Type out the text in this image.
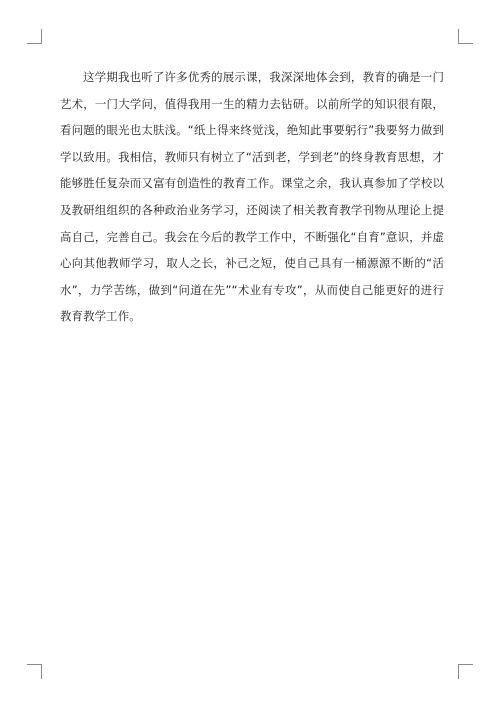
这学期我也听了许多优秀的展示课，我深深地体会到，教育的确是一门艺术，一门大学问，值得我用一生的精力去钻研。以前所学的知识很有限，看问题的眼光也太肤浅。“纸上得来终觉浅，绝知此事要躬行”我要努力做到学以致用。我相信，教师只有树立了“活到老，学到老”的终身教育思想，才能够胜任复杂而又富有创造性的教育工作。课堂之余，我认真参加了学校以及教研组组织的各种政治业务学习，还阅读了相关教育教学刊物从理论上提高自己，完善自己。我会在今后的教学工作中，不断强化“自育”意识，并虚心向其他教师学习，取人之长，补己之短，使自己具有一桶源源不断的“活水”，力学苦练，做到“问道在先”“术业有专攻”，从而使自己能更好的进行教育教学工作。
